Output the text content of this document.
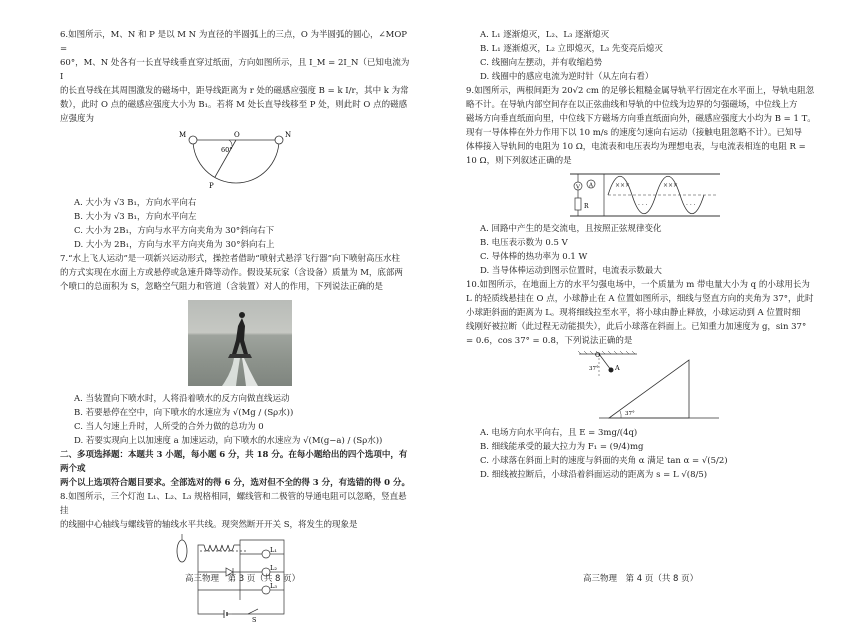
6.如图所示，M、N 和 P 是以 M N 为直径的半圆弧上的三点，O 为半圆弧的圆心，∠MOP =

60°，M、N 处各有一长直导线垂直穿过纸面，方向如图所示，且 I_M = 2I_N（已知电流为 I

的长直导线在其周围激发的磁场中，距导线距离为 r 处的磁感应强度 B = k I/r，其中 k 为常

数），此时 O 点的磁感应强度大小为 B₁。若将 M 处长直导线移至 P 处，则此时 O 点的磁感

应强度为

M	O	N
P
60°

A. 大小为 √3 B₁，方向水平向右

B. 大小为 √3 B₁，方向水平向左

C. 大小为 2B₁，方向与水平方向夹角为 30°斜向右下

D. 大小为 2B₁，方向与水平方向夹角为 30°斜向右上

7.“水上飞人运动”是一项新兴运动形式，操控者借助“喷射式悬浮飞行器”向下喷射高压水柱

的方式实现在水面上方或悬停或急速升降等动作。假设某玩家（含设备）质量为 M，底部两

个喷口的总面积为 S，忽略空气阻力和管道（含装置）对人的作用，下列说法正确的是

A. 当装置向下喷水时，人将沿着喷水的反方向做直线运动

B. 若要悬停在空中，向下喷水的水速应为 √(Mg / (Sρ水))

C. 当人匀速上升时，人所受的合外力做的总功为 0

D. 若要实现向上以加速度 a 加速运动，向下喷水的水速应为 √(M(g−a) / (Sρ水))

二、多项选择题：本题共 3 小题，每小题 6 分，共 18 分。在每小题给出的四个选项中，有两个或

两个以上选项符合题目要求。全部选对的得 6 分，选对但不全的得 3 分，有选错的得 0 分。

8.如图所示，三个灯泡 L₁、L₂、L₃ 规格相同，螺线管和二极管的导通电阻可以忽略，竖直悬挂

的线圈中心轴线与螺线管的轴线水平共线。现突然断开开关 S，将发生的现象是

L₁
L₂
L₃
S
高三物理　第 3 页（共 8 页）

A. L₁ 逐渐熄灭，L₂、L₃ 逐渐熄灭

B. L₁ 逐渐熄灭，L₂ 立即熄灭，L₃ 先变亮后熄灭

C. 线圈向左摆动，并有收缩趋势

D. 线圈中的感应电流为逆时针（从左向右看）

9.如图所示，两根间距为 20√2 cm 的足够长粗糙金属导轨平行固定在水平面上，导轨电阻忽

略不计。在导轨内部空间存在以正弦曲线和导轨的中位线为边界的匀强磁场，中位线上方

磁场方向垂直纸面向里，中位线下方磁场方向垂直纸面向外，磁感应强度大小均为 B = 1 T。

现有一导体棒在外力作用下以 10 m/s 的速度匀速向右运动（接触电阻忽略不计）。已知导

体棒接入导轨间的电阻为 10 Ω，电流表和电压表均为理想电表，与电流表相连的电阻 R =

10 Ω，则下列叙述正确的是

×××	×××
· · ·	· · ·
A
V
R

A. 回路中产生的是交流电，且按照正弦规律变化

B. 电压表示数为 0.5 V

C. 导体棒的热功率为 0.1 W

D. 当导体棒运动到图示位置时，电流表示数最大

10.如图所示，在地面上方的水平匀强电场中，一个质量为 m 带电量大小为 q 的小球用长为

L 的轻质线悬挂在 O 点，小球静止在 A 位置如图所示，细线与竖直方向的夹角为 37°，此时

小球距斜面的距离为 L。现将细线拉至水平，将小球由静止释放，小球运动到 A 位置时细

线刚好被拉断（此过程无动能损失），此后小球落在斜面上。已知重力加速度为 g，sin 37°

= 0.6，cos 37° = 0.8，下列说法正确的是

O
A
37°
37°

A. 电场方向水平向右，且 E = 3mg/(4q)

B. 细线能承受的最大拉力为 F₁ = (9/4)mg

C. 小球落在斜面上时的速度与斜面的夹角 α 满足 tan α = √(5/2)

D. 细线被拉断后，小球沿着斜面运动的距离为 s = L √(8/5)

高三物理　第 4 页（共 8 页）
